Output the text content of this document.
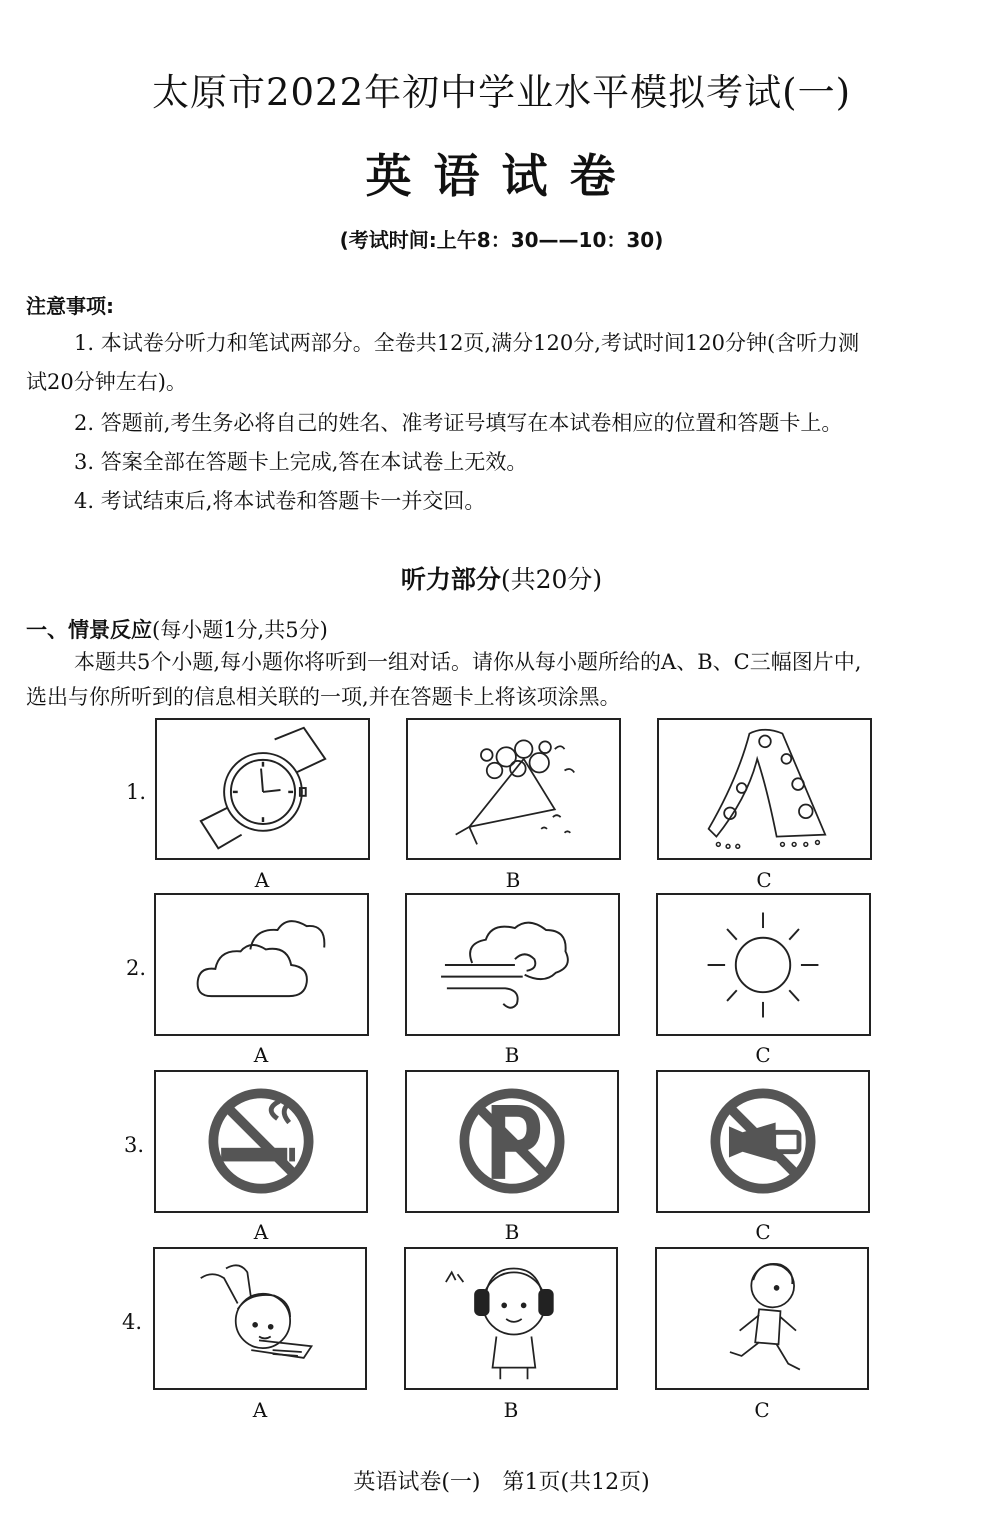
太原市2022年初中学业水平模拟考试(一)
英语试卷
(考试时间:上午8：30——10：30)
注意事项:
1. 本试卷分听力和笔试两部分。全卷共12页,满分120分,考试时间120分钟(含听力测
试20分钟左右)。
2. 答题前,考生务必将自己的姓名、准考证号填写在本试卷相应的位置和答题卡上。
3. 答案全部在答题卡上完成,答在本试卷上无效。
4. 考试结束后,将本试卷和答题卡一并交回。
听力部分(共20分)
一、情景反应(每小题1分,共5分)
本题共5个小题,每小题你将听到一组对话。请你从每小题所给的A、B、C三幅图片中,
选出与你所听到的信息相关联的一项,并在答题卡上将该项涂黑。
1.
A	B	C
2.
A	B	C
3.
A	B	C
4.
A	B	C
英语试卷(一)　第1页(共12页)
